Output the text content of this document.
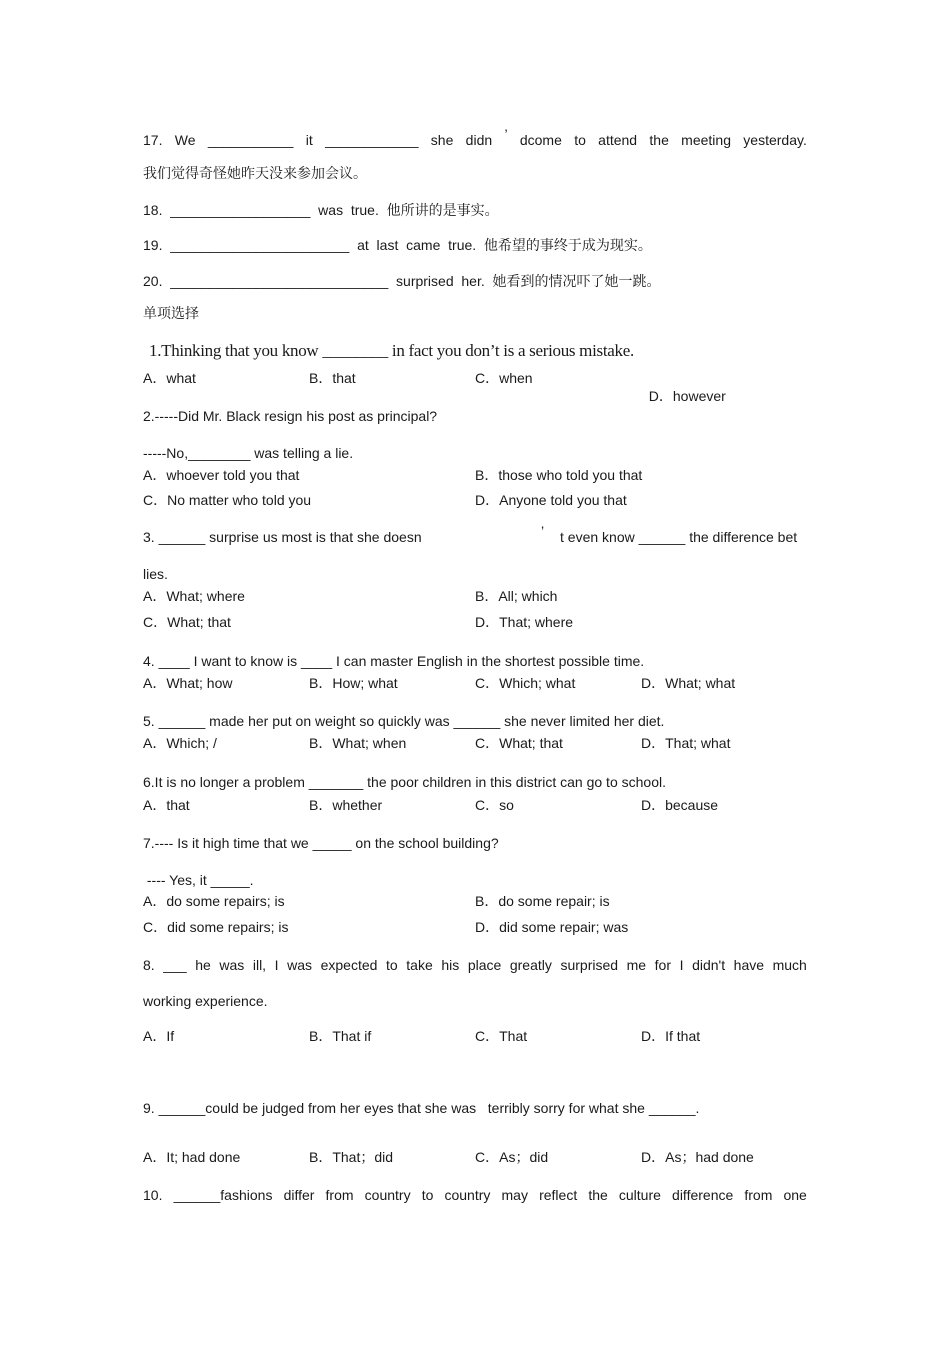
17. We ___________ it ____________ she didn ’ dcome to attend the meeting yesterday.
我们觉得奇怪她昨天没来参加会议。
18.  __________________  was  true.  他所讲的是事实。
19.  _______________________  at  last  came  true.  他希望的事终于成为现实。
20.  ____________________________  surprised  her.  她看到的情况吓了她一跳。
单项选择
1.Thinking that you know ________ in fact you don’t is a serious mistake.
A．what	B．that	C．when

D．however

2.-----Did Mr. Black resign his post as principal?
-----No,________ was telling a lie.
A．whoever told you that	B．those who told you that
C．No matter who told you	D．Anyone told you that
3. ______ surprise us most is that she doesn	’ t even know ______ the difference bet
lies.
A．What; where	B．All; which
C．What; that	D．That; where
4. ____ I want to know is ____ I can master English in the shortest possible time.
A．What; how	B．How; what	C．Which; what	D．What; what
5. ______ made her put on weight so quickly was ______ she never limited her diet.
A．Which; /	B．What; when	C．What; that	D．That; what
6.It is no longer a problem _______ the poor children in this district can go to school.
A．that	B．whether	C．so	D．because
7.---- Is it high time that we _____ on the school building?
---- Yes, it _____.
A．do some repairs; is	B．do some repair; is
C．did some repairs; is	D．did some repair; was
8. ___ he was ill, I was expected to take his place greatly surprised me for I didn't have much
working experience.
A．If	B．That if	C．That	D．If that
9. ______could be judged from her eyes that she was   terribly sorry for what she ______.
A．It; had done	B．That；did	C．As；did	D．As；had done
10. ______fashions differ from country to country may reflect the culture difference from one
